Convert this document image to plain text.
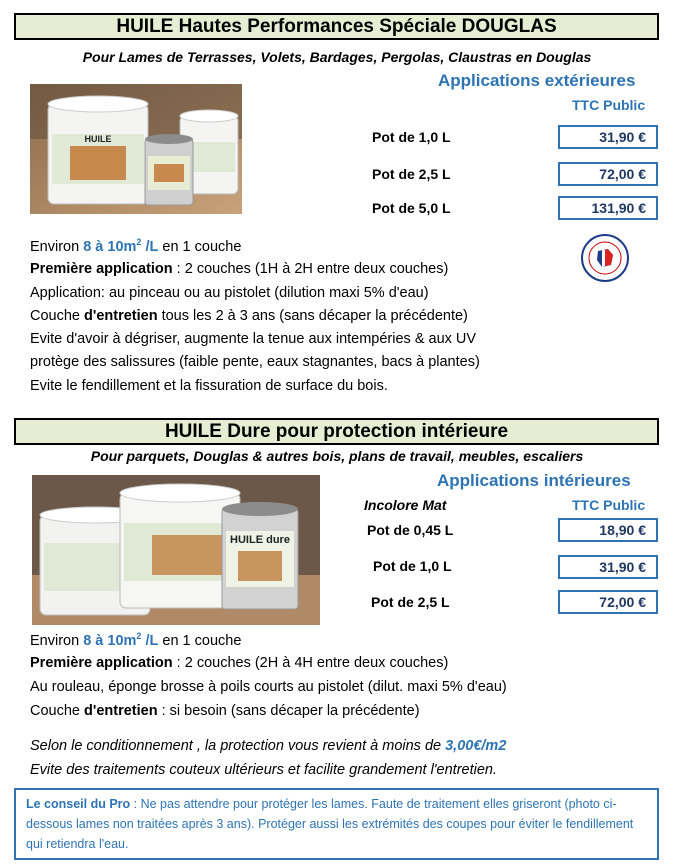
HUILE Hautes Performances Spéciale DOUGLAS
Pour Lames de Terrasses, Volets, Bardages, Pergolas, Claustras en Douglas
Applications extérieures
TTC Public
HUILE	Pot de 1,0 L	31,90 €
Pot de 2,5 L	72,00 €
Pot de 5,0 L	131,90 €
Environ 8 à $10m^2$ /L en 1 couche
Première application : 2 couches (1H à 2H entre deux couches)
Application: au pinceau ou au pistolet (dilution maxi 5% d'eau)
Couche d'entretien tous les 2 à 3 ans (sans décaper la précédente)
Evite d'avoir à dégriser, augmente la tenue aux intempéries & aux UV
protège des salissures (faible pente, eaux stagnantes, bacs à plantes)
Evite le fendillement et la fissuration de surface du bois.
HUILE Dure pour protection intérieure
Pour parquets, Douglas & autres bois, plans de travail, meubles, escaliers
Applications intérieures
Incolore Mat	TTC Public
HUILE dure
Pot de 0,45 L	18,90 €
Pot de 1,0 L	31,90 €
Pot de 2,5 L	72,00 €
Environ 8 à $10m^2$ /L en 1 couche
Première application : 2 couches (2H à 4H entre deux couches)
Au rouleau, éponge brosse à poils courts au pistolet (dilut. maxi 5% d'eau)
Couche d'entretien : si besoin (sans décaper la précédente)
Selon le conditionnement , la protection vous revient à moins de 3,00€/m2
Evite des traitements couteux ultérieurs et facilite grandement l'entretien.
Le conseil du Pro : Ne pas attendre pour protéger les lames. Faute de traitement elles griseront (photo ci-dessous lames non traitées après 3 ans). Protéger aussi les extrémités des coupes pour éviter le fendillement qui retiendra l'eau.
